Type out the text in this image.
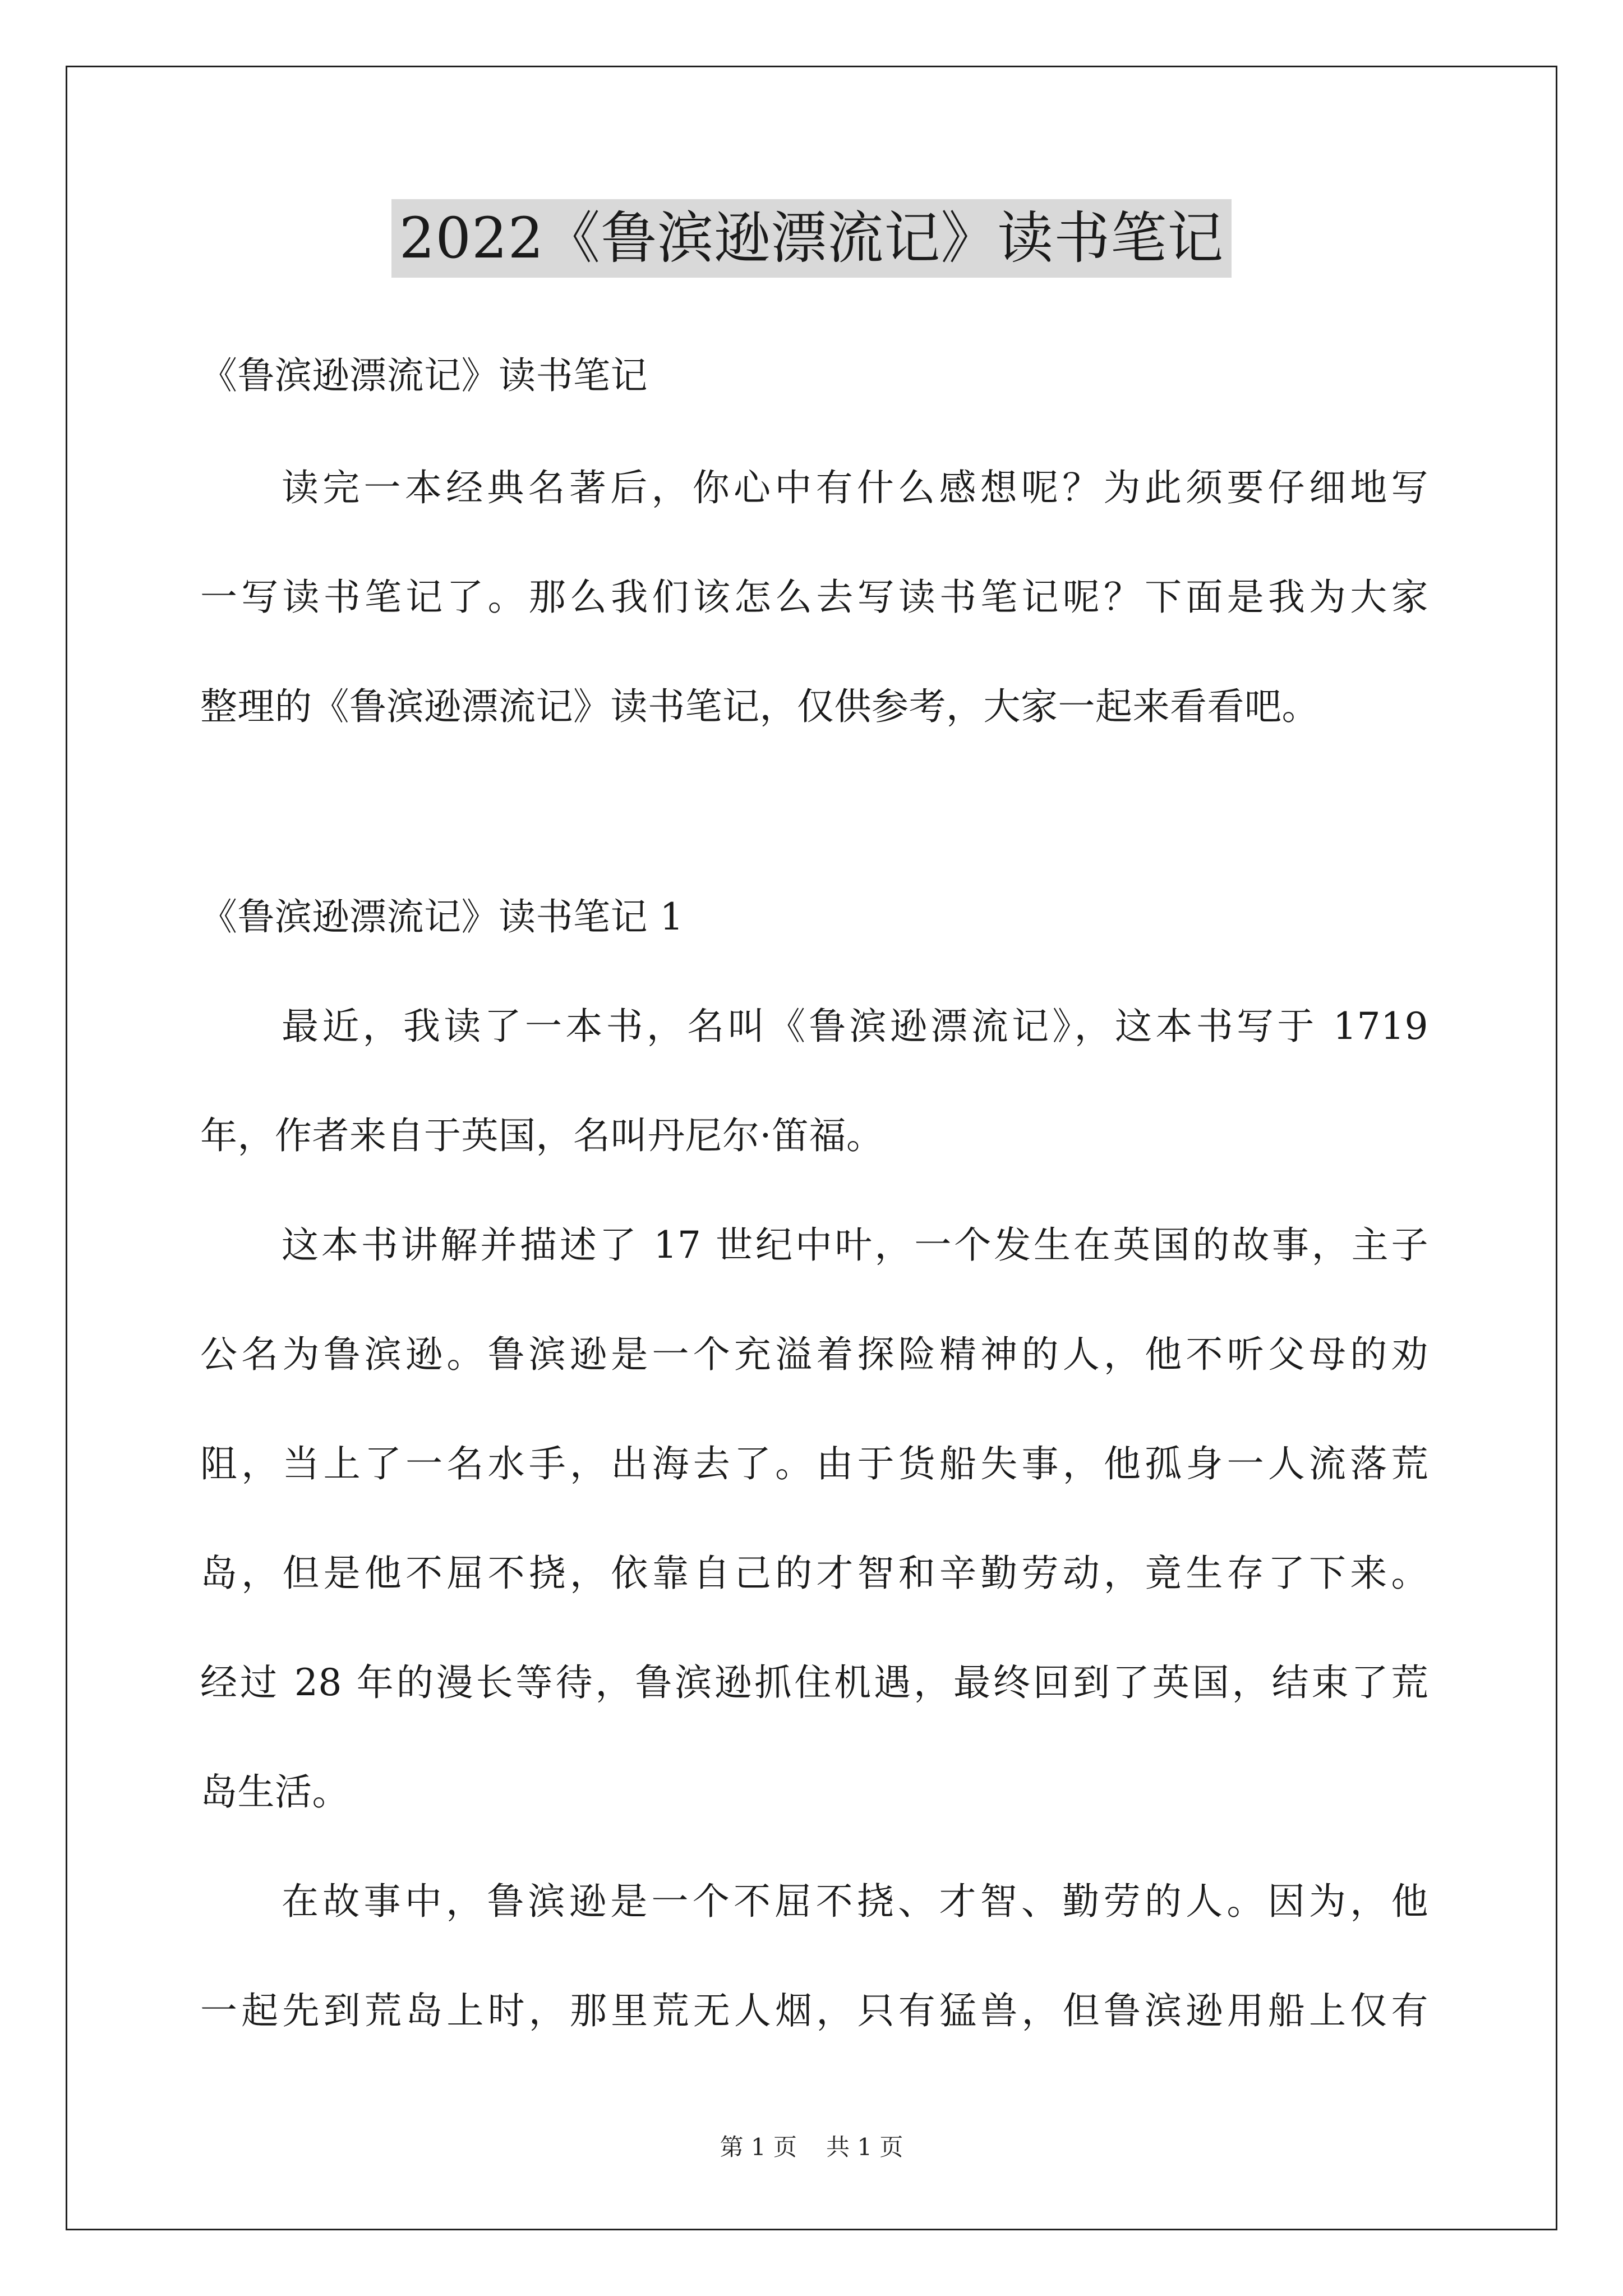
2022《鲁滨逊漂流记》读书笔记
《鲁滨逊漂流记》读书笔记
读完一本经典名著后，你心中有什么感想呢？为此须要仔细地写
一写读书笔记了。那么我们该怎么去写读书笔记呢？下面是我为大家
整理的《鲁滨逊漂流记》读书笔记，仅供参考，大家一起来看看吧。
《鲁滨逊漂流记》读书笔记 1
最近，我读了一本书，名叫《鲁滨逊漂流记》，这本书写于 1719
年，作者来自于英国，名叫丹尼尔·笛福。
这本书讲解并描述了 17 世纪中叶，一个发生在英国的故事，主子
公名为鲁滨逊。鲁滨逊是一个充溢着探险精神的人，他不听父母的劝
阻，当上了一名水手，出海去了。由于货船失事，他孤身一人流落荒
岛，但是他不屈不挠，依靠自己的才智和辛勤劳动，竟生存了下来。
经过 28 年的漫长等待，鲁滨逊抓住机遇，最终回到了英国，结束了荒
岛生活。
在故事中，鲁滨逊是一个不屈不挠、才智、勤劳的人。因为，他
一起先到荒岛上时，那里荒无人烟，只有猛兽，但鲁滨逊用船上仅有
第 1 页 共 1 页
